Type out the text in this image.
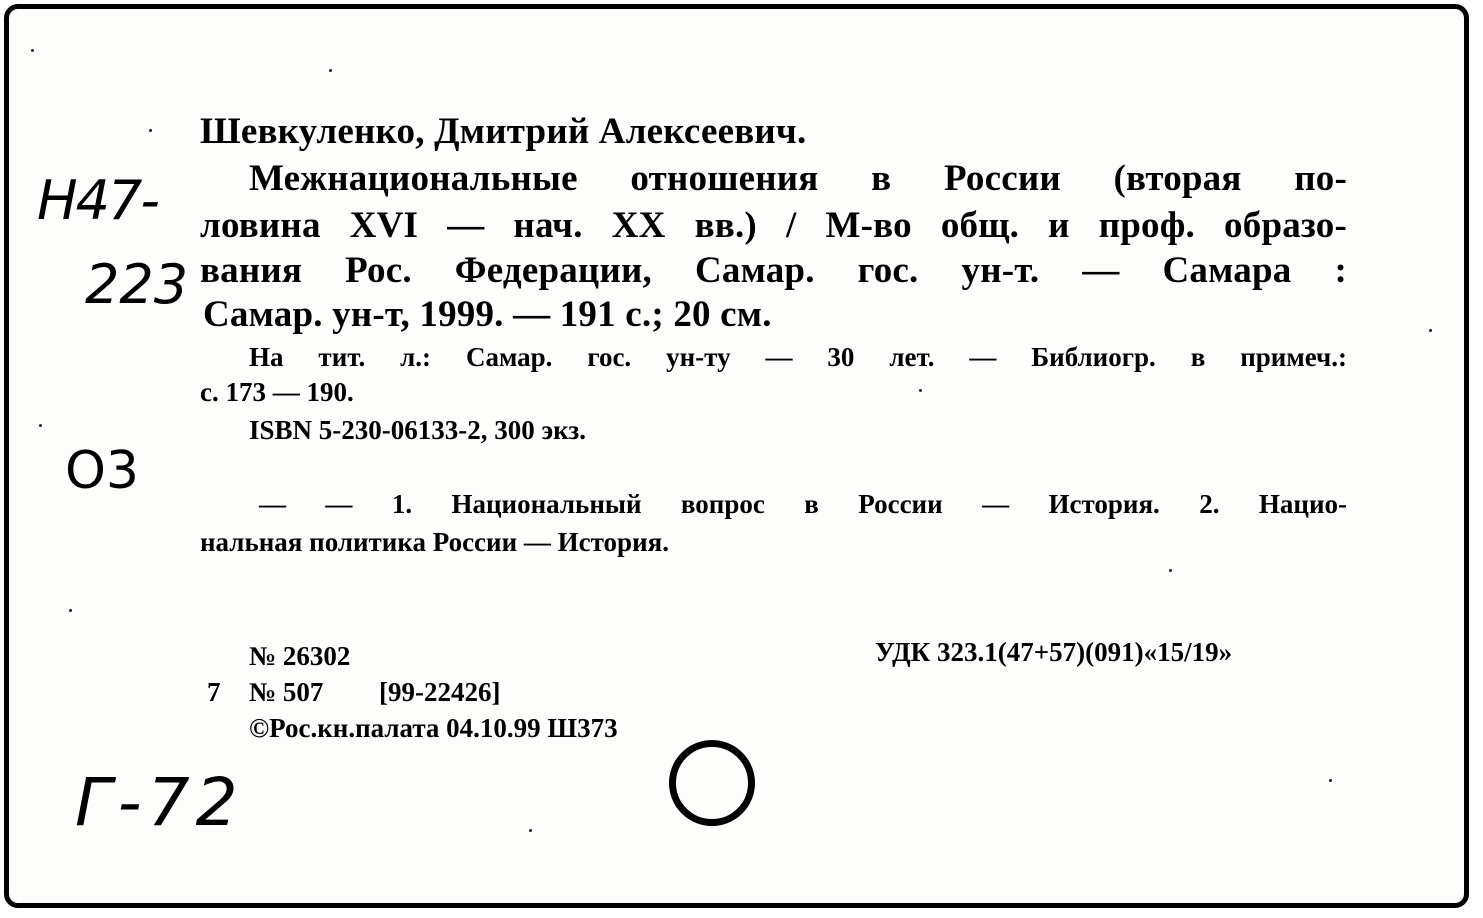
Н47-
223
О3
Г-72
Шевкуленко, Дмитрий Алексеевич.
Межнациональные отношения в России (вторая по-
ловина XVI — нач. XX вв.) / М-во общ. и проф. образо-
вания Рос. Федерации, Самар. гос. ун-т. — Самара :
Самар. ун-т, 1999. — 191 с.; 20 см.
На тит. л.: Самар. гос. ун-ту — 30 лет. — Библиогр. в примеч.:
с. 173 — 190.
ISBN 5-230-06133-2, 300 экз.
— — 1. Национальный вопрос в России — История. 2. Нацио-
нальная политика России — История.
№ 26302	УДК 323.1(47+57)(091)«15/19»
7 № 507 [99-22426]
©Рос.кн.палата 04.10.99 Ш373
